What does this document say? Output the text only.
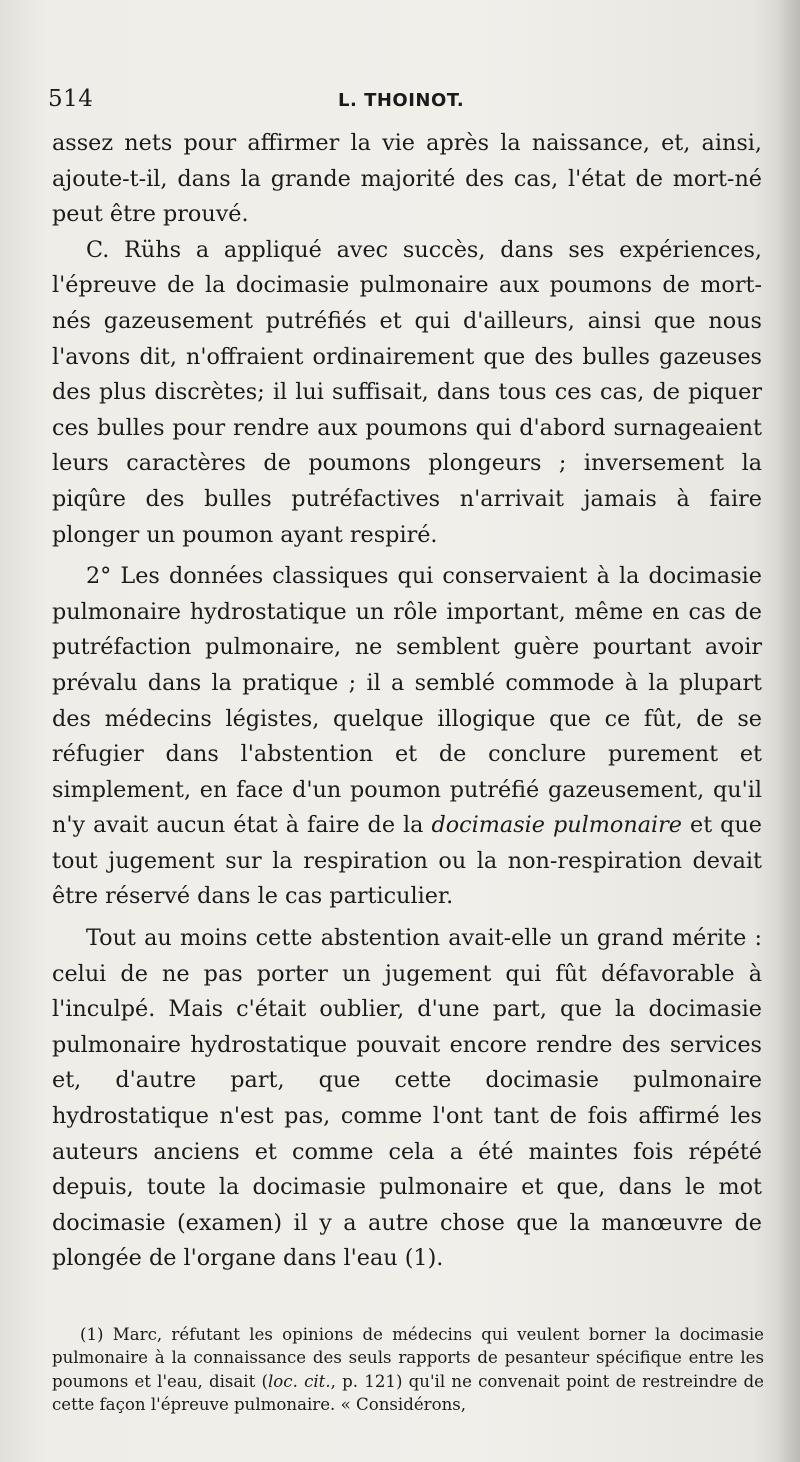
514	L. THOINOT.

assez nets pour affirmer la vie après la naissance, et, ainsi, ajoute-t-il, dans la grande majorité des cas, l'état de mort-né peut être prouvé.

C. Rühs a appliqué avec succès, dans ses expériences, l'épreuve de la docimasie pulmonaire aux poumons de mort-nés gazeusement putréfiés et qui d'ailleurs, ainsi que nous l'avons dit, n'offraient ordinairement que des bulles gazeuses des plus discrètes; il lui suffisait, dans tous ces cas, de piquer ces bulles pour rendre aux poumons qui d'abord surnageaient leurs caractères de poumons plongeurs ; inversement la piqûre des bulles putréfactives n'arrivait jamais à faire plonger un poumon ayant respiré.

2° Les données classiques qui conservaient à la docimasie pulmonaire hydrostatique un rôle important, même en cas de putréfaction pulmonaire, ne semblent guère pourtant avoir prévalu dans la pratique ; il a semblé commode à la plupart des médecins légistes, quelque illogique que ce fût, de se réfugier dans l'abstention et de conclure purement et simplement, en face d'un poumon putréfié gazeusement, qu'il n'y avait aucun état à faire de la docimasie pulmonaire et que tout jugement sur la respiration ou la non-respiration devait être réservé dans le cas particulier.

Tout au moins cette abstention avait-elle un grand mérite : celui de ne pas porter un jugement qui fût défavorable à l'inculpé. Mais c'était oublier, d'une part, que la docimasie pulmonaire hydrostatique pouvait encore rendre des services et, d'autre part, que cette docimasie pulmonaire hydrostatique n'est pas, comme l'ont tant de fois affirmé les auteurs anciens et comme cela a été maintes fois répété depuis, toute la docimasie pulmonaire et que, dans le mot docimasie (examen) il y a autre chose que la manœuvre de plongée de l'organe dans l'eau (1).

(1) Marc, réfutant les opinions de médecins qui veulent borner la docimasie pulmonaire à la connaissance des seuls rapports de pesanteur spécifique entre les poumons et l'eau, disait (loc. cit., p. 121) qu'il ne convenait point de restreindre de cette façon l'épreuve pulmonaire. « Considérons,
